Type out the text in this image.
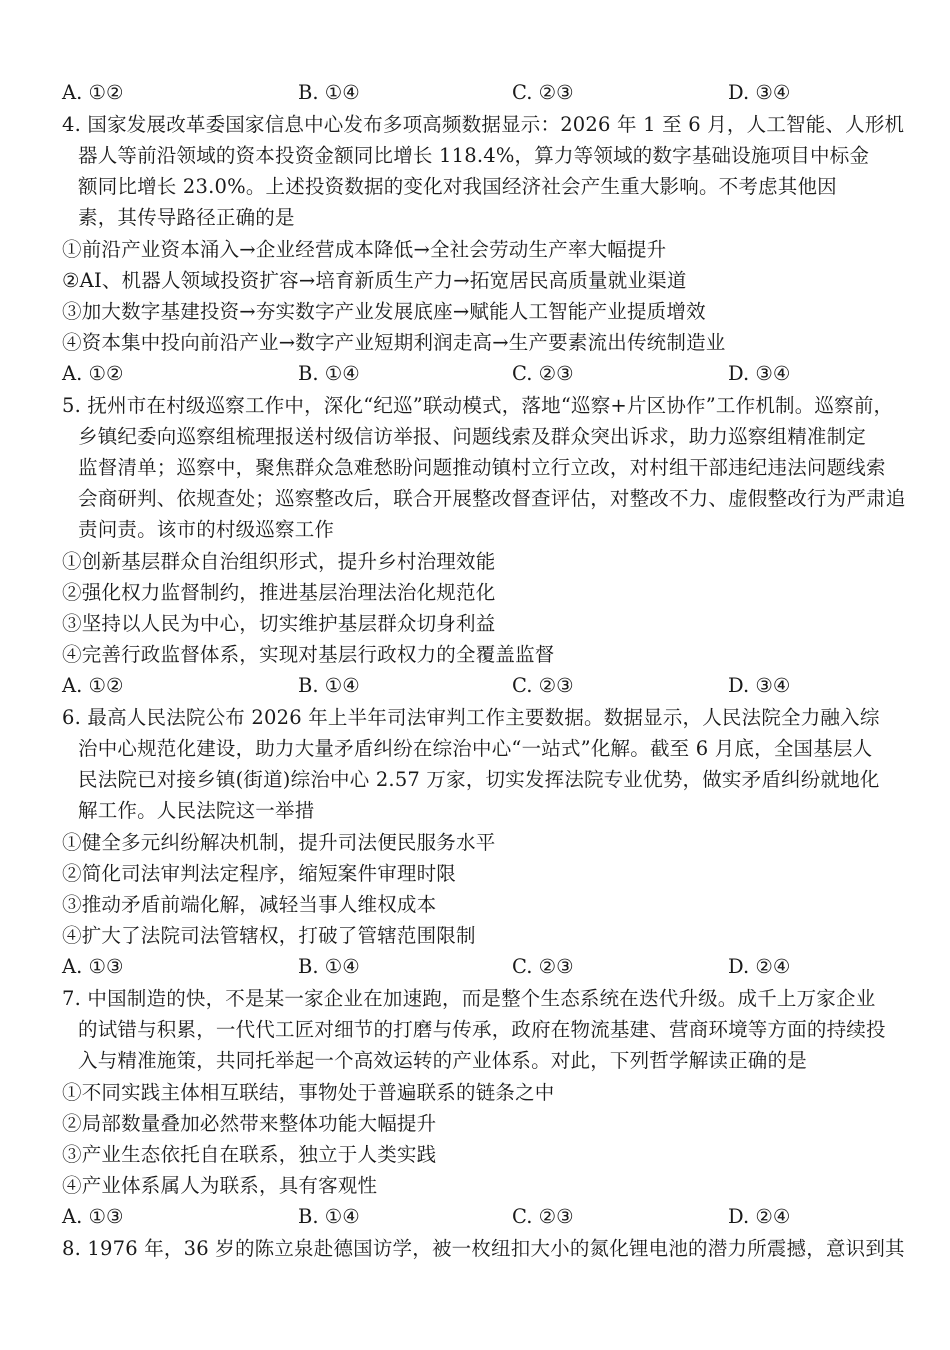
A. ①②	B. ①④	C. ②③	D. ③④
4. 国家发展改革委国家信息中心发布多项高频数据显示：2026 年 1 至 6 月，人工智能、人形机
器人等前沿领域的资本投资金额同比增长 118.4%，算力等领域的数字基础设施项目中标金
额同比增长 23.0%。上述投资数据的变化对我国经济社会产生重大影响。不考虑其他因
素，其传导路径正确的是
①前沿产业资本涌入→企业经营成本降低→全社会劳动生产率大幅提升
②AI、机器人领域投资扩容→培育新质生产力→拓宽居民高质量就业渠道
③加大数字基建投资→夯实数字产业发展底座→赋能人工智能产业提质增效
④资本集中投向前沿产业→数字产业短期利润走高→生产要素流出传统制造业
A. ①②	B. ①④	C. ②③	D. ③④
5. 抚州市在村级巡察工作中，深化“纪巡”联动模式，落地“巡察+片区协作”工作机制。巡察前，
乡镇纪委向巡察组梳理报送村级信访举报、问题线索及群众突出诉求，助力巡察组精准制定
监督清单；巡察中，聚焦群众急难愁盼问题推动镇村立行立改，对村组干部违纪违法问题线索
会商研判、依规查处；巡察整改后，联合开展整改督查评估，对整改不力、虚假整改行为严肃追
责问责。该市的村级巡察工作
①创新基层群众自治组织形式，提升乡村治理效能
②强化权力监督制约，推进基层治理法治化规范化
③坚持以人民为中心，切实维护基层群众切身利益
④完善行政监督体系，实现对基层行政权力的全覆盖监督
A. ①②	B. ①④	C. ②③	D. ③④
6. 最高人民法院公布 2026 年上半年司法审判工作主要数据。数据显示，人民法院全力融入综
治中心规范化建设，助力大量矛盾纠纷在综治中心“一站式”化解。截至 6 月底，全国基层人
民法院已对接乡镇(街道)综治中心 2.57 万家，切实发挥法院专业优势，做实矛盾纠纷就地化
解工作。人民法院这一举措
①健全多元纠纷解决机制，提升司法便民服务水平
②简化司法审判法定程序，缩短案件审理时限
③推动矛盾前端化解，减轻当事人维权成本
④扩大了法院司法管辖权，打破了管辖范围限制
A. ①③	B. ①④	C. ②③	D. ②④
7. 中国制造的快，不是某一家企业在加速跑，而是整个生态系统在迭代升级。成千上万家企业
的试错与积累，一代代工匠对细节的打磨与传承，政府在物流基建、营商环境等方面的持续投
入与精准施策，共同托举起一个高效运转的产业体系。对此，下列哲学解读正确的是
①不同实践主体相互联结，事物处于普遍联系的链条之中
②局部数量叠加必然带来整体功能大幅提升
③产业生态依托自在联系，独立于人类实践
④产业体系属人为联系，具有客观性
A. ①③	B. ①④	C. ②③	D. ②④
8. 1976 年，36 岁的陈立泉赴德国访学，被一枚纽扣大小的氮化锂电池的潜力所震撼，意识到其
